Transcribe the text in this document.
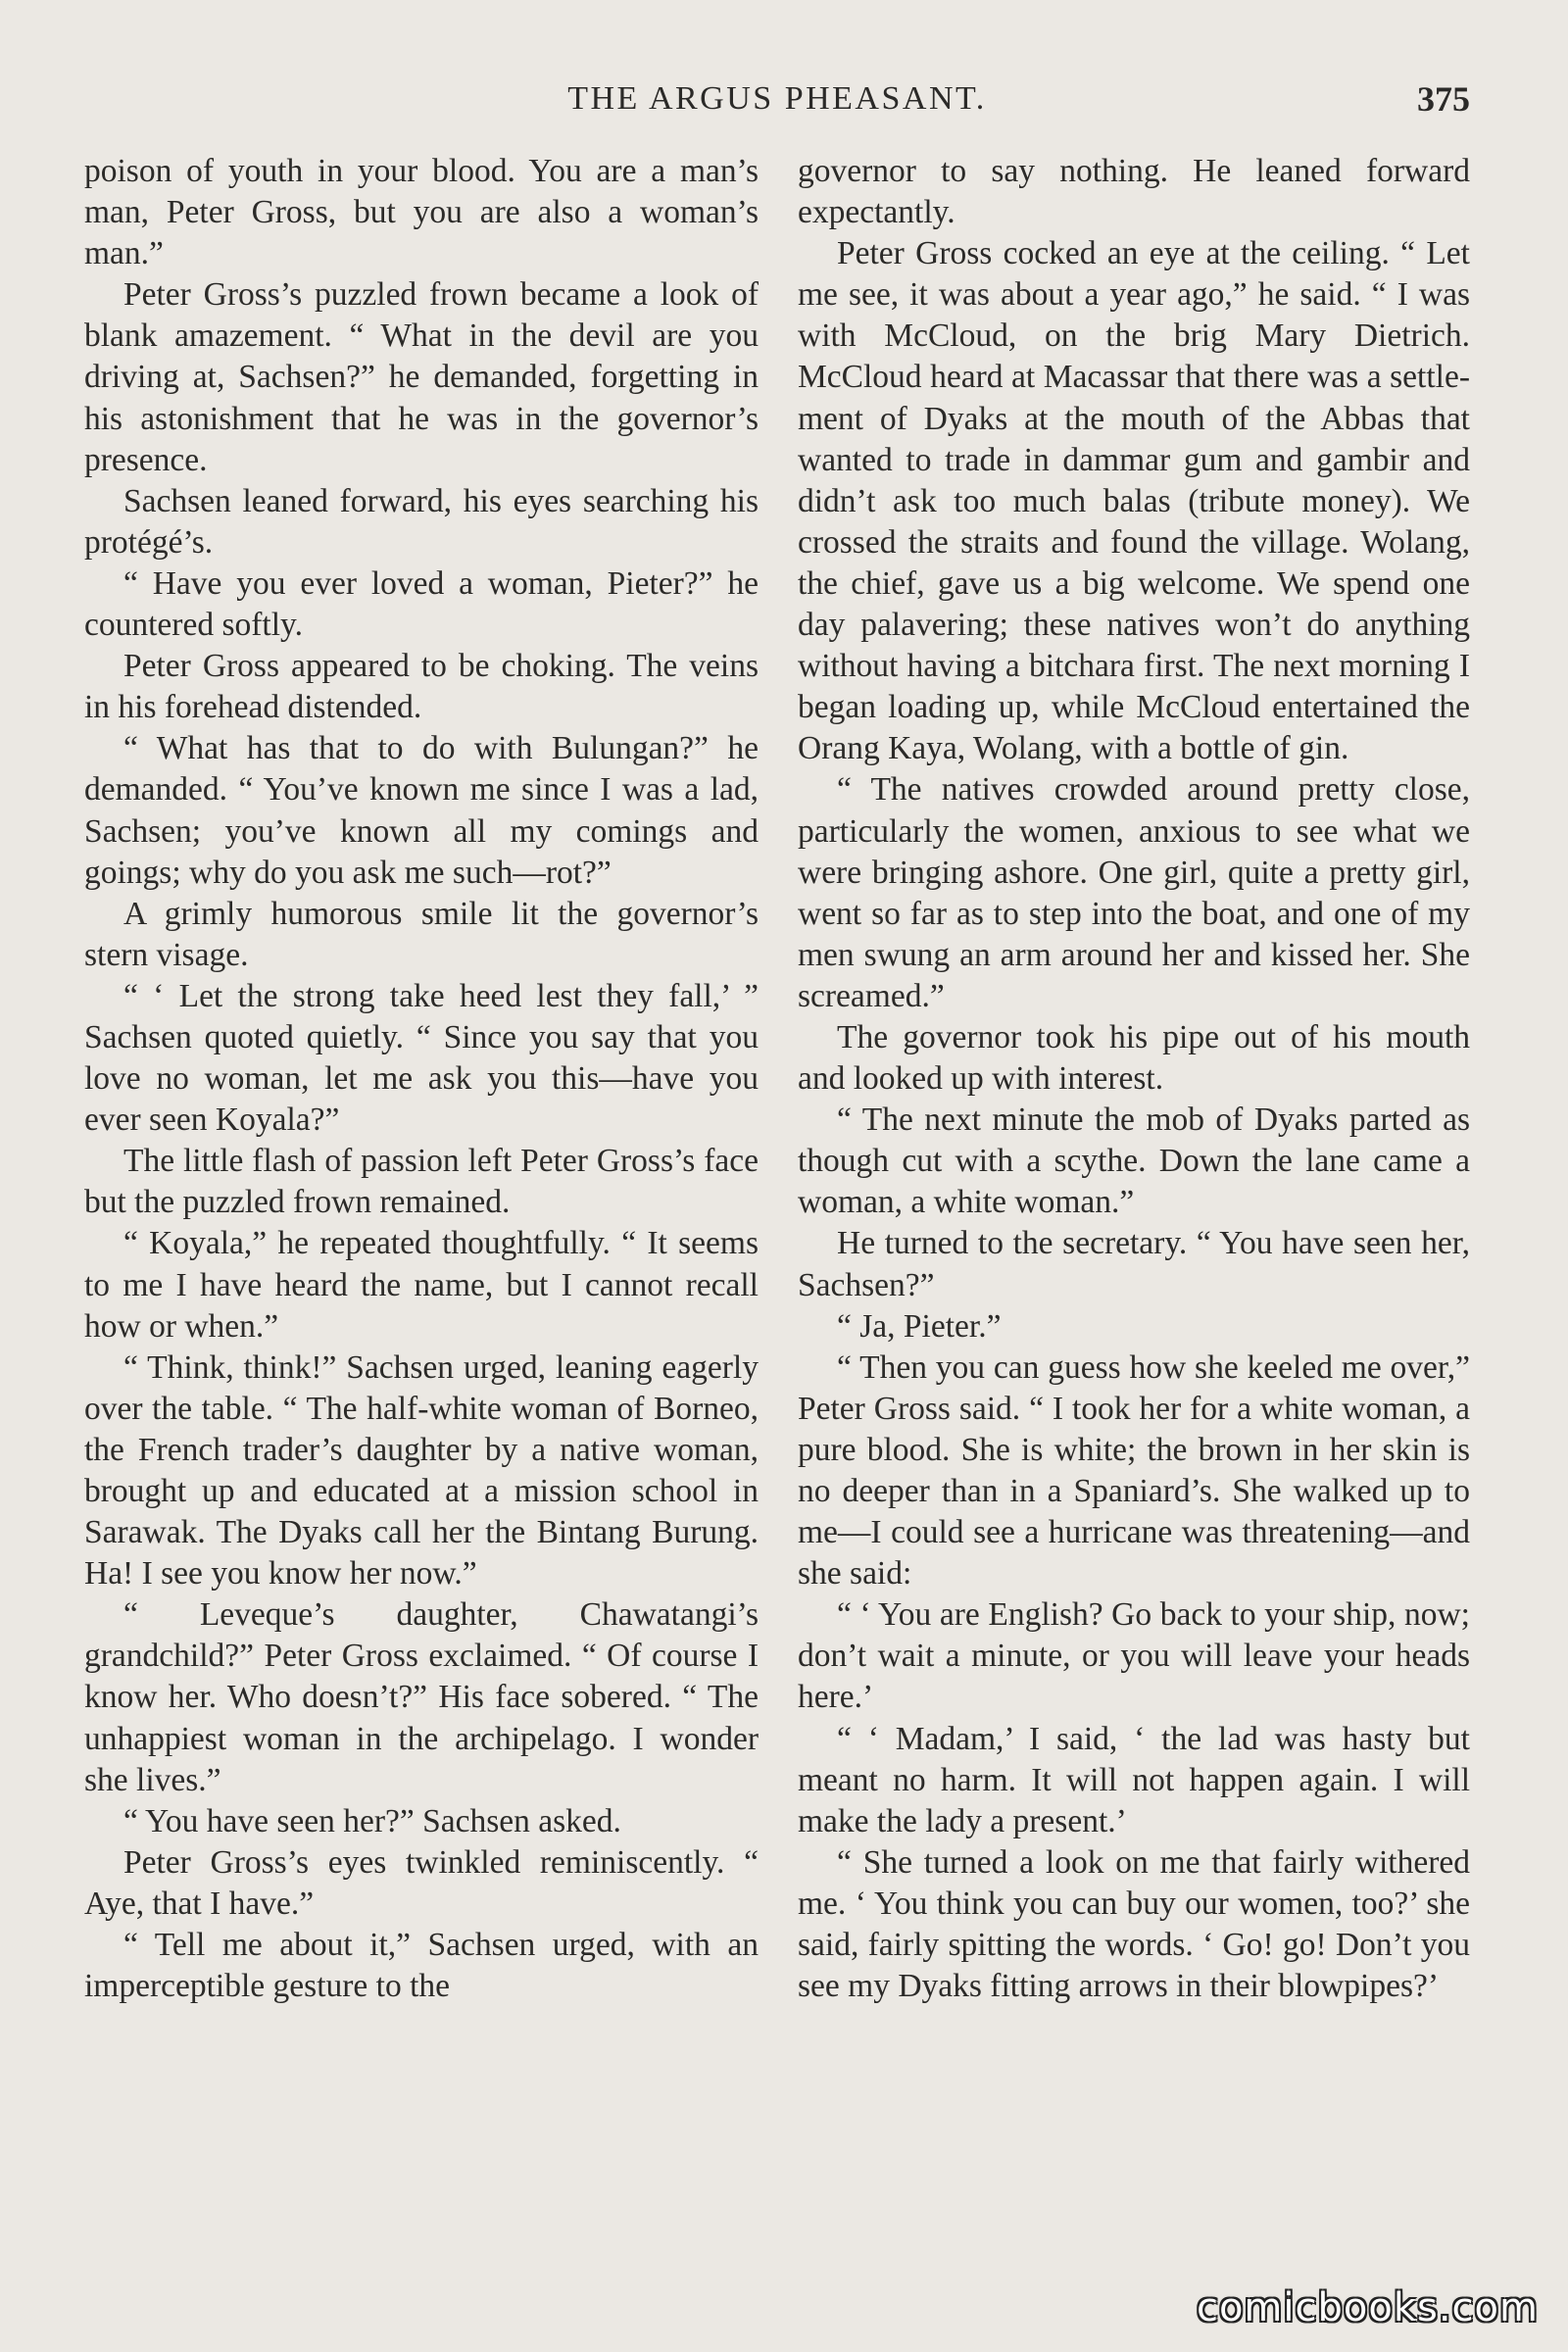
THE ARGUS PHEASANT.	375

poison of youth in your blood. You are a man’s man, Peter Gross, but you are also a woman’s man.”

Peter Gross’s puzzled frown became a look of blank amazement. “ What in the devil are you driving at, Sachsen?” he demanded, forgetting in his astonishment that he was in the governor’s presence.

Sachsen leaned forward, his eyes searching his protégé’s.

“ Have you ever loved a woman, Pieter?” he countered softly.

Peter Gross appeared to be choking. The veins in his forehead distended.

“ What has that to do with Bulungan?” he demanded. “ You’ve known me since I was a lad, Sachsen; you’ve known all my comings and goings; why do you ask me such—rot?”

A grimly humorous smile lit the governor’s stern visage.

“ ‘ Let the strong take heed lest they fall,’ ” Sachsen quoted quietly. “ Since you say that you love no woman, let me ask you this—have you ever seen Koyala?”

The little flash of passion left Peter Gross’s face but the puzzled frown remained.

“ Koyala,” he repeated thoughtfully. “ It seems to me I have heard the name, but I cannot recall how or when.”

“ Think, think!” Sachsen urged, leaning eagerly over the table. “ The half-white woman of Borneo, the French trader’s daughter by a native woman, brought up and educated at a mission school in Sarawak. The Dyaks call her the Bintang Burung. Ha! I see you know her now.”

“ Leveque’s daughter, Chawatangi’s grandchild?” Peter Gross exclaimed. “ Of course I know her. Who doesn’t?” His face sobered. “ The unhappiest woman in the archipelago. I wonder she lives.”

“ You have seen her?” Sachsen asked.

Peter Gross’s eyes twinkled reminiscently. “ Aye, that I have.”

“ Tell me about it,” Sachsen urged, with an imperceptible gesture to the

governor to say nothing. He leaned forward expectantly.

Peter Gross cocked an eye at the ceiling. “ Let me see, it was about a year ago,” he said. “ I was with McCloud, on the brig Mary Dietrich. McCloud heard at Macassar that there was a settlement of Dyaks at the mouth of the Abbas that wanted to trade in dammar gum and gambir and didn’t ask too much balas (tribute money). We crossed the straits and found the village. Wolang, the chief, gave us a big welcome. We spend one day palavering; these natives won’t do anything without having a bitchara first. The next morning I began loading up, while McCloud entertained the Orang Kaya, Wolang, with a bottle of gin.

“ The natives crowded around pretty close, particularly the women, anxious to see what we were bringing ashore. One girl, quite a pretty girl, went so far as to step into the boat, and one of my men swung an arm around her and kissed her. She screamed.”

The governor took his pipe out of his mouth and looked up with interest.

“ The next minute the mob of Dyaks parted as though cut with a scythe. Down the lane came a woman, a white woman.”

He turned to the secretary. “ You have seen her, Sachsen?”

“ Ja, Pieter.”

“ Then you can guess how she keeled me over,” Peter Gross said. “ I took her for a white woman, a pure blood. She is white; the brown in her skin is no deeper than in a Spaniard’s. She walked up to me—I could see a hurricane was threatening—and she said:

“ ‘ You are English? Go back to your ship, now; don’t wait a minute, or you will leave your heads here.’

“ ‘ Madam,’ I said, ‘ the lad was hasty but meant no harm. It will not happen again. I will make the lady a present.’

“ She turned a look on me that fairly withered me. ‘ You think you can buy our women, too?’ she said, fairly spitting the words. ‘ Go! go! Don’t you see my Dyaks fitting arrows in their blowpipes?’

comicbooks.com
